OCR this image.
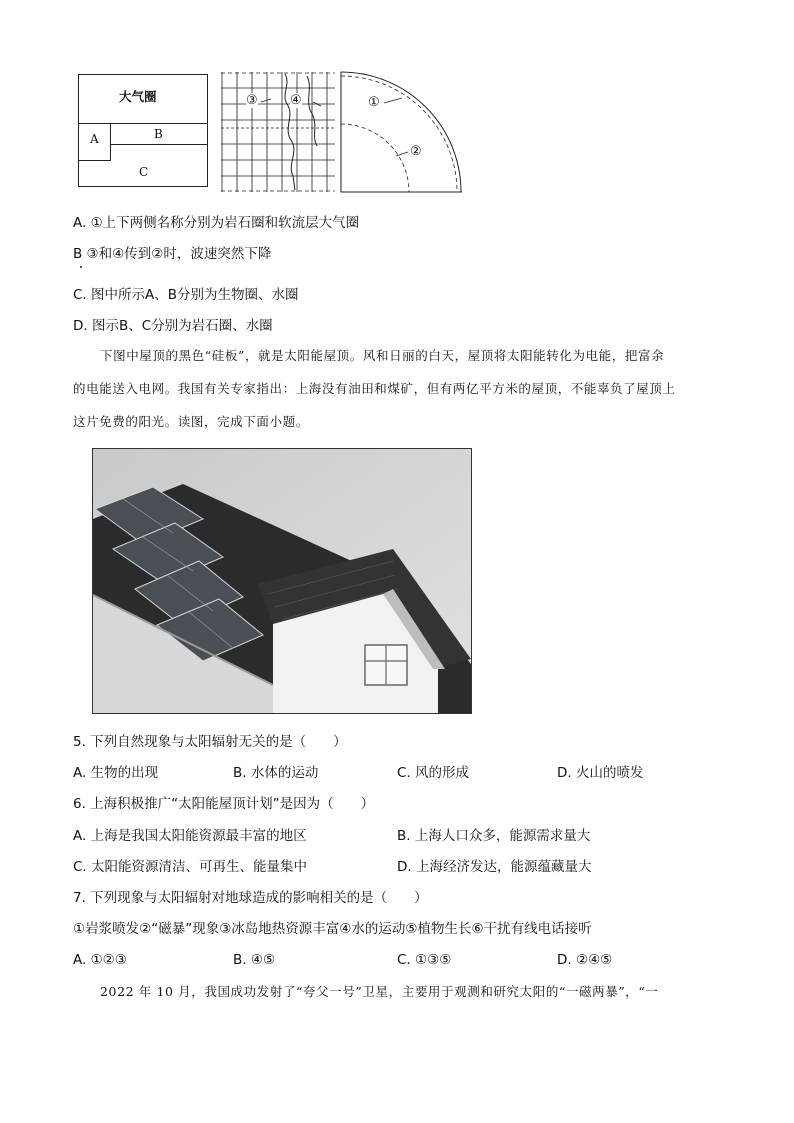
大气圈
A	B
C
③ ④	①
②
A. ①上下两侧名称分别为岩石圈和软流层大气圈
B ③和④传到②时，波速突然下降
C. 图中所示A、B分别为生物圈、水圈
D. 图示B、C分别为岩石圈、水圈
下图中屋顶的黑色“硅板”，就是太阳能屋顶。风和日丽的白天，屋顶将太阳能转化为电能，把富余
的电能送入电网。我国有关专家指出：上海没有油田和煤矿，但有两亿平方米的屋顶，不能辜负了屋顶上
这片免费的阳光。读图，完成下面小题。
5. 下列自然现象与太阳辐射无关的是（　　）
A. 生物的出现	B. 水体的运动	C. 风的形成	D. 火山的喷发
6. 上海积极推广“太阳能屋顶计划”是因为（　　）
A. 上海是我国太阳能资源最丰富的地区	B. 上海人口众多，能源需求量大
C. 太阳能资源清洁、可再生、能量集中	D. 上海经济发达，能源蕴藏量大
7. 下列现象与太阳辐射对地球造成的影响相关的是（　　）
①岩浆喷发②“磁暴”现象③冰岛地热资源丰富④水的运动⑤植物生长⑥干扰有线电话接听
A. ①②③	B. ④⑤	C. ①③⑤	D. ②④⑤
2022 年 10 月，我国成功发射了“夸父一号”卫星，主要用于观测和研究太阳的“一磁两暴”，“一
